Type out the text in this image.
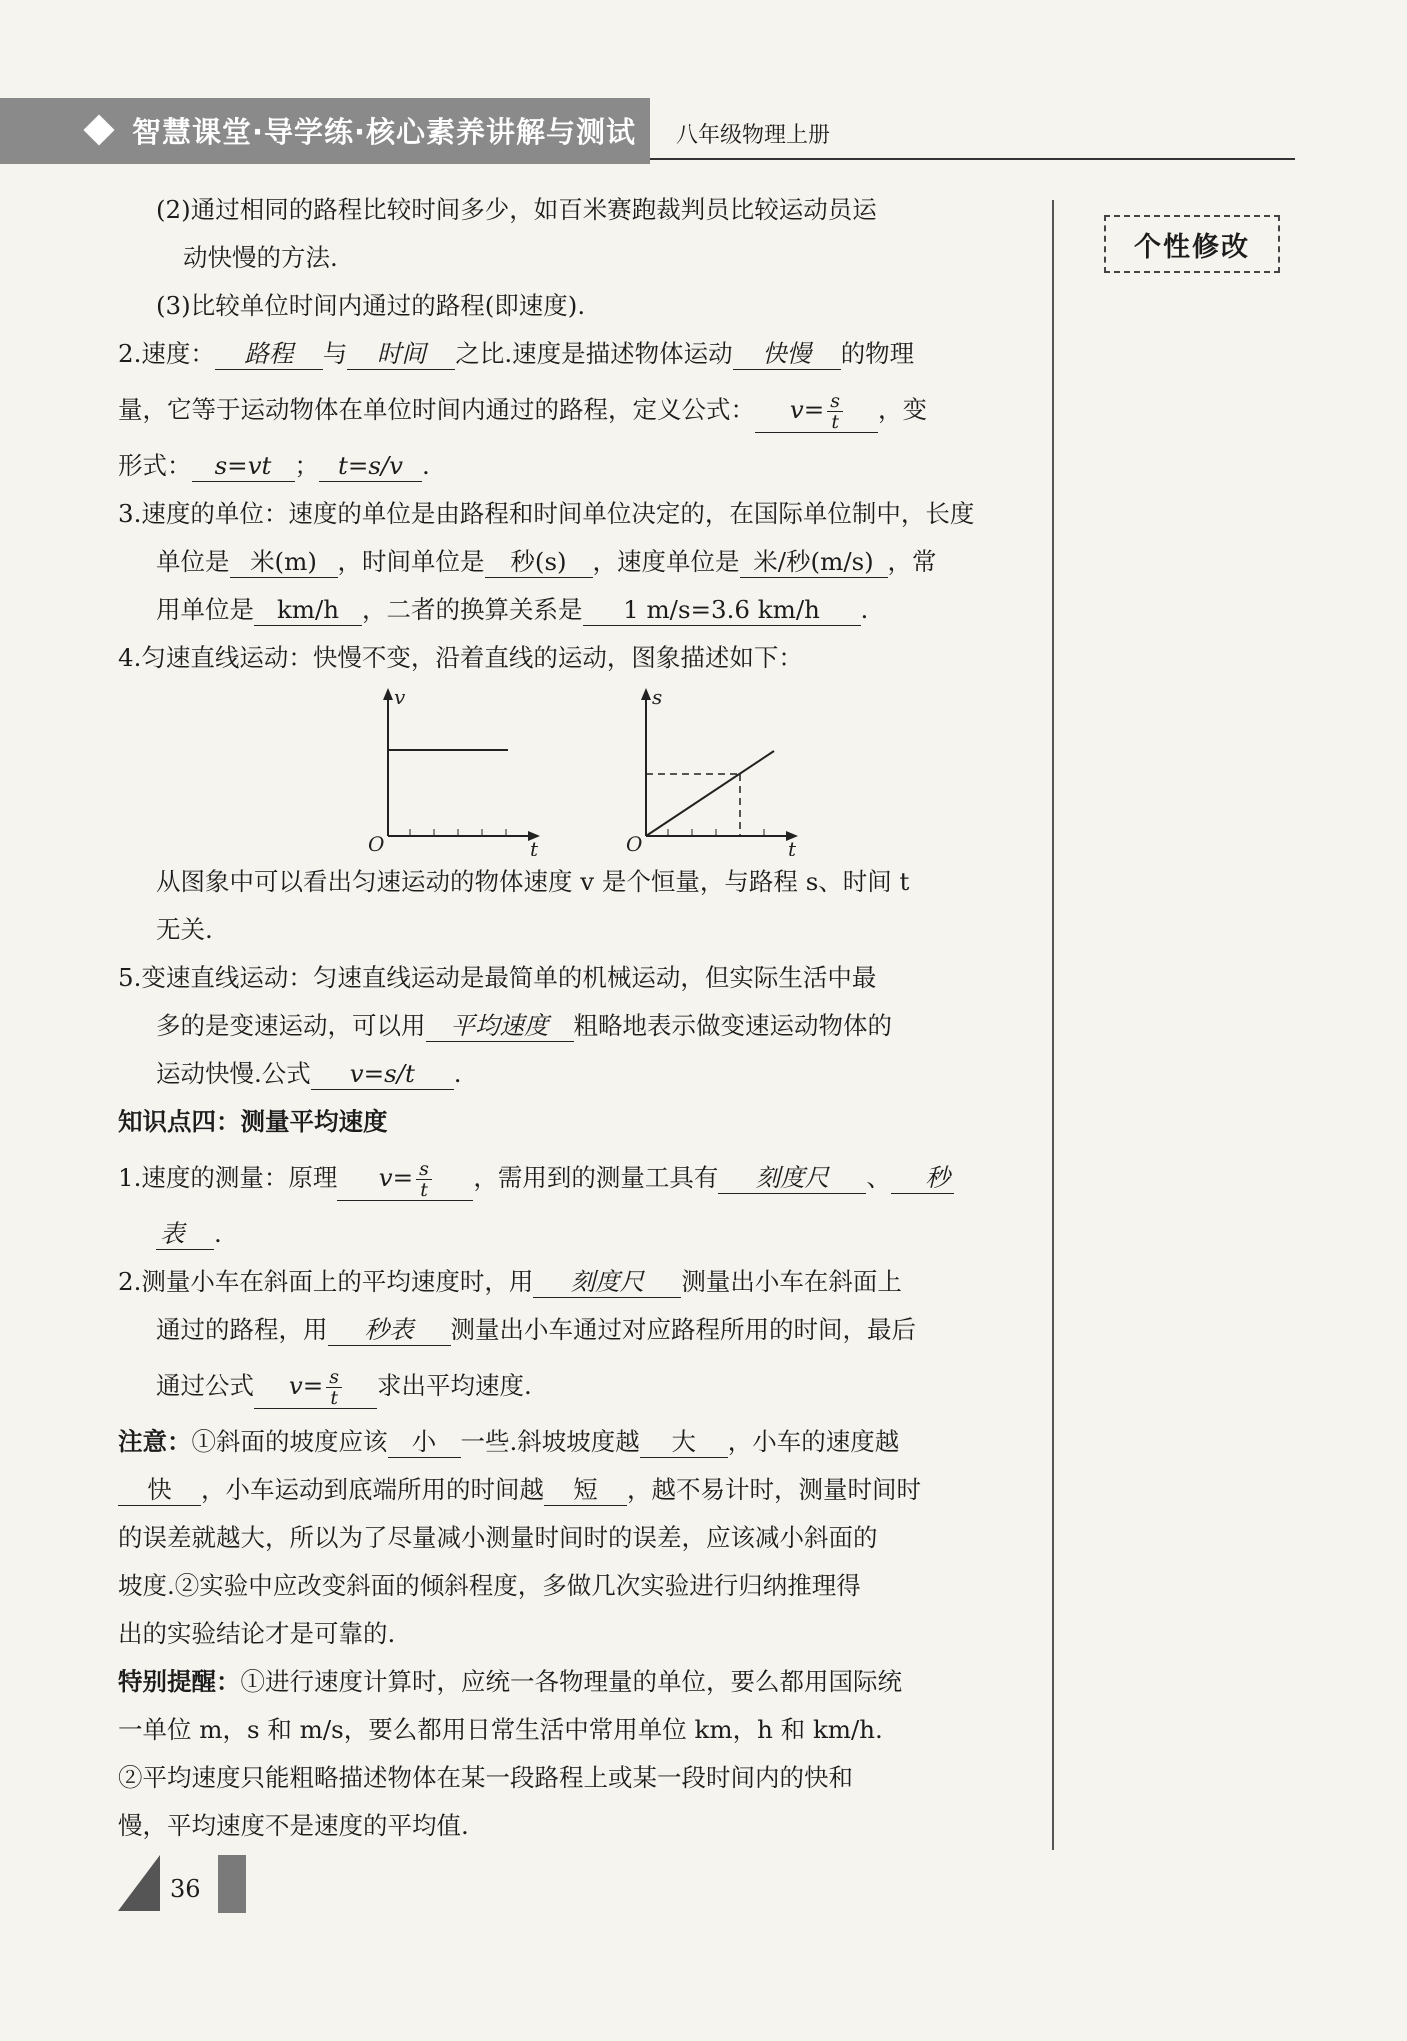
智慧课堂·导学练·核心素养讲解与测试 八年级物理上册
个性修改
(2)通过相同的路程比较时间多少，如百米赛跑裁判员比较运动员运
动快慢的方法.
(3)比较单位时间内通过的路程(即速度).
2.速度： 路程 与 时间 之比.速度是描述物体运动 快慢 的物理
量，它等于运动物体在单位时间内通过的路程，定义公式： $v= \frac{s}{t}$ ，变
形式： s=vt ； t=s/v .
3.速度的单位：速度的单位是由路程和时间单位决定的，在国际单位制中，长度
单位是 米(m) ，时间单位是 秒(s) ，速度单位是 米/秒(m/s) ，常
用单位是 km/h ，二者的换算关系是 1 m/s=3.6 km/h .
4.匀速直线运动：快慢不变，沿着直线的运动，图象描述如下：
v
t
O
s
t
O
从图象中可以看出匀速运动的物体速度 v 是个恒量，与路程 s、时间 t
无关.
5.变速直线运动：匀速直线运动是最简单的机械运动，但实际生活中最
多的是变速运动，可以用 平均速度 粗略地表示做变速运动物体的
运动快慢.公式 v=s/t .
知识点四：测量平均速度
1.速度的测量：原理 $v= \frac{s}{t}$ ，需用到的测量工具有 刻度尺 、 秒
表 .
2.测量小车在斜面上的平均速度时，用 刻度尺 测量出小车在斜面上
通过的路程，用 秒表 测量出小车通过对应路程所用的时间，最后
通过公式 $v= \frac{s}{t}$ 求出平均速度.
注意：①斜面的坡度应该 小 一些.斜坡坡度越 大 ，小车的速度越
快 ，小车运动到底端所用的时间越 短 ，越不易计时，测量时间时
的误差就越大，所以为了尽量减小测量时间时的误差，应该减小斜面的
坡度.②实验中应改变斜面的倾斜程度，多做几次实验进行归纳推理得
出的实验结论才是可靠的.
特别提醒：①进行速度计算时，应统一各物理量的单位，要么都用国际统
一单位 m，s 和 m/s，要么都用日常生活中常用单位 km，h 和 km/h.
②平均速度只能粗略描述物体在某一段路程上或某一段时间内的快和
慢，平均速度不是速度的平均值.
36
